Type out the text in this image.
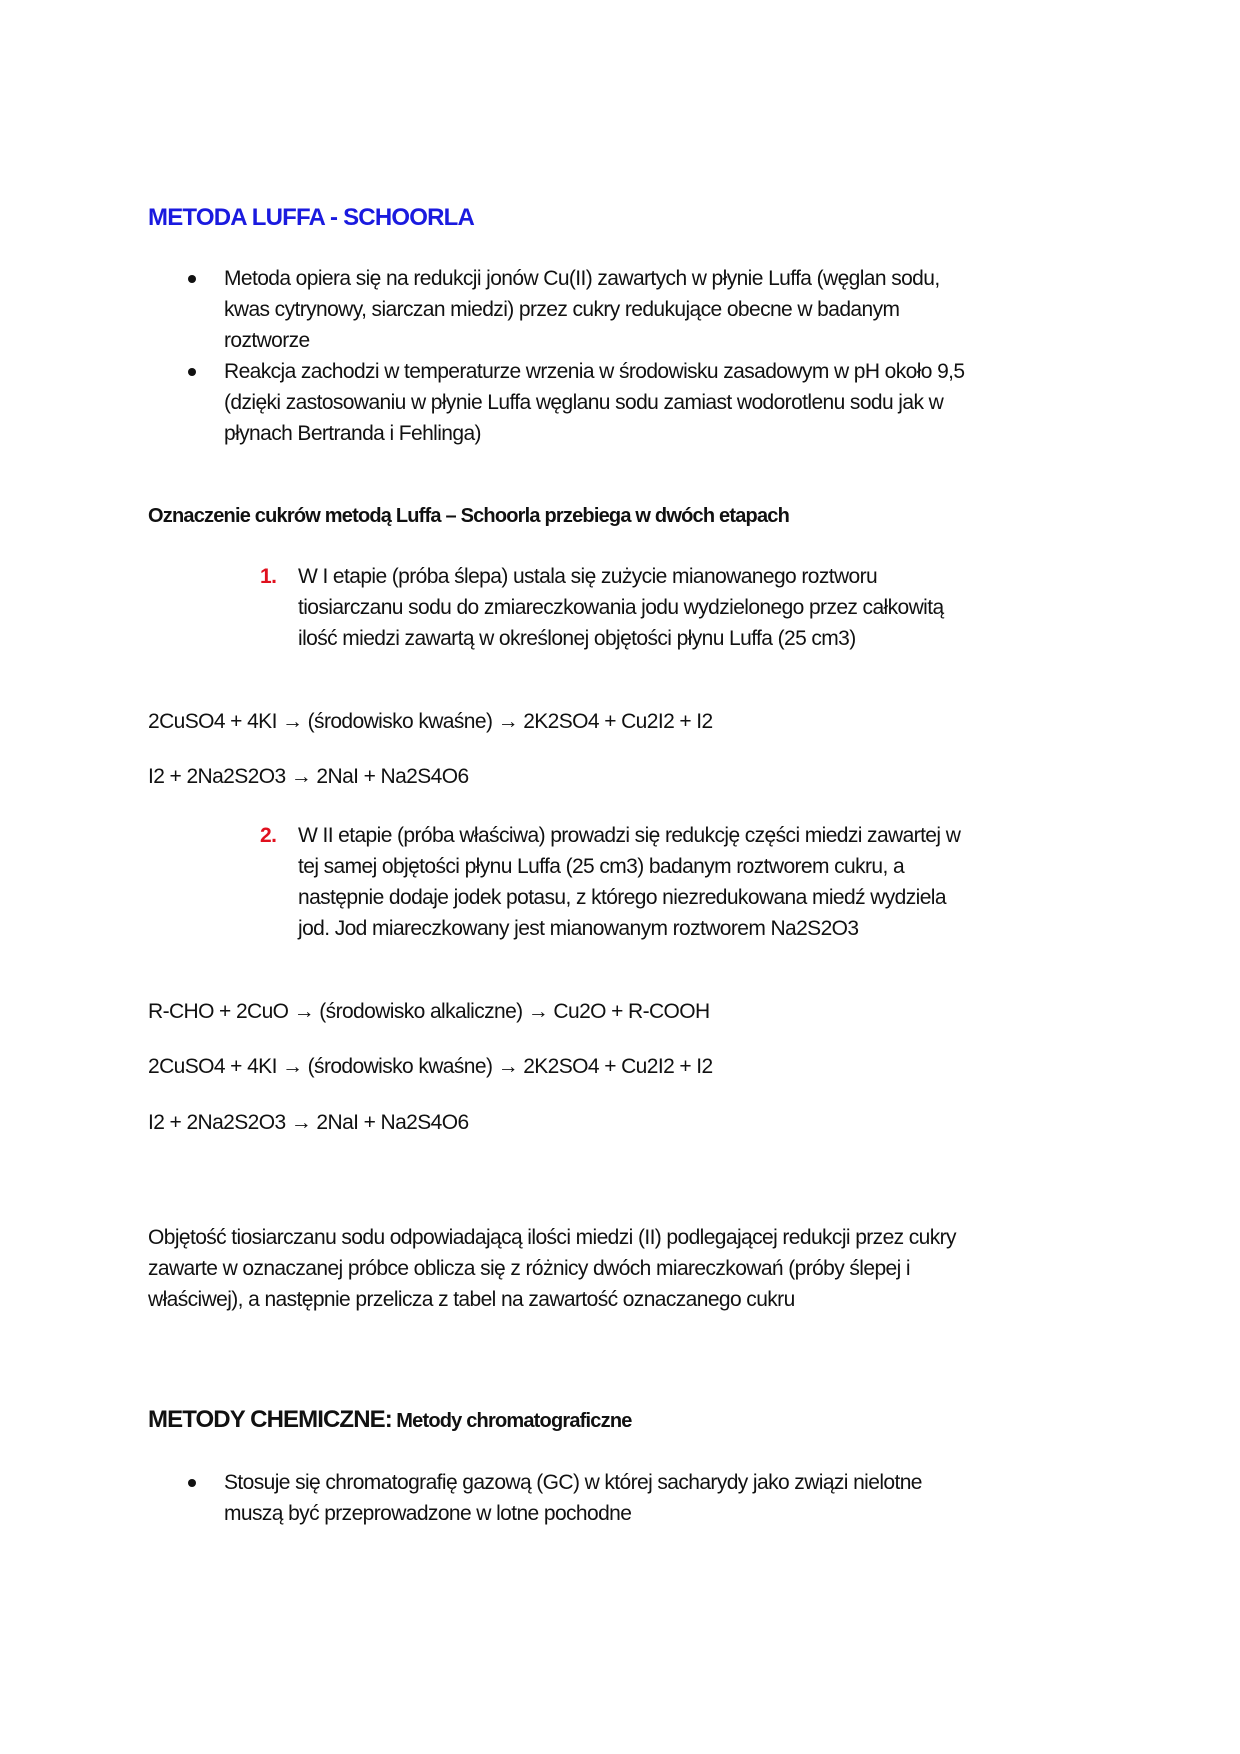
METODA LUFFA - SCHOORLA
Metoda opiera się na redukcji jonów Cu(II) zawartych w płynie Luffa (węglan sodu,
kwas cytrynowy, siarczan miedzi) przez cukry redukujące obecne w badanym
roztworze
Reakcja zachodzi w temperaturze wrzenia w środowisku zasadowym w pH około 9,5
(dzięki zastosowaniu w płynie Luffa węglanu sodu zamiast wodorotlenu sodu jak w
płynach Bertranda i Fehlinga)
Oznaczenie cukrów metodą Luffa – Schoorla przebiega w dwóch etapach
1. W I etapie (próba ślepa) ustala się zużycie mianowanego roztworu
tiosiarczanu sodu do zmiareczkowania jodu wydzielonego przez całkowitą
ilość miedzi zawartą w określonej objętości płynu Luffa (25 cm3)
2CuSO4 + 4KI → (środowisko kwaśne) → 2K2SO4 + Cu2I2 + I2
I2 + 2Na2S2O3 → 2NaI + Na2S4O6
2. W II etapie (próba właściwa) prowadzi się redukcję części miedzi zawartej w
tej samej objętości płynu Luffa (25 cm3) badanym roztworem cukru, a
następnie dodaje jodek potasu, z którego niezredukowana miedź wydziela
jod. Jod miareczkowany jest mianowanym roztworem Na2S2O3
R-CHO + 2CuO → (środowisko alkaliczne) → Cu2O + R-COOH
2CuSO4 + 4KI → (środowisko kwaśne) → 2K2SO4 + Cu2I2 + I2
I2 + 2Na2S2O3 → 2NaI + Na2S4O6
Objętość tiosiarczanu sodu odpowiadającą ilości miedzi (II) podlegającej redukcji przez cukry
zawarte w oznaczanej próbce oblicza się z różnicy dwóch miareczkowań (próby ślepej i
właściwej), a następnie przelicza z tabel na zawartość oznaczanego cukru
METODY CHEMICZNE: Metody chromatograficzne
Stosuje się chromatografię gazową (GC) w której sacharydy jako związi nielotne
muszą być przeprowadzone w lotne pochodne
